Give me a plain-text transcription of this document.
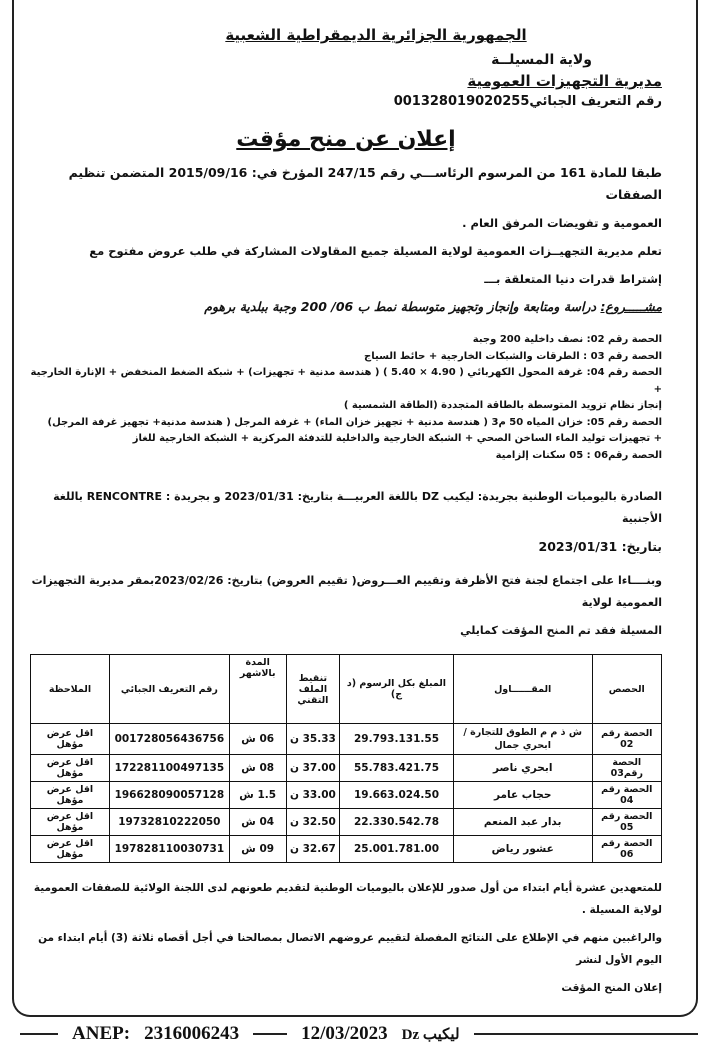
الجمهورية الجزائرية الديمقراطية الشعبية
ولاية المسيلــة
مديرية التجهيزات العمومية
رقم التعريف الجبائي001328019020255
إعلان عن منح مؤقت
طبقا للمادة 161 من المرسوم الرئاســـي رقم 247/15 المؤرخ في: 2015/09/16 المتضمن تنظيم الصفقات
العمومية و تفويضات المرفق العام .
تعلم مديرية التجهيــزات العمومية لولاية المسيلة جميع المقاولات المشاركة في طلب عروض مفتوح مع
إشتراط قدرات دنيا المتعلقة بـــ
مشـــــروع: دراسة ومتابعة وإنجاز وتجهيز متوسطة نمط ب 06/ 200 وجبة ببلدية برهوم
الحصة رقم 02: نصف داخلية 200 وجبة
الحصة رقم 03 : الطرقات والشبكات الخارجية + حائط السياج
الحصة رقم 04: غرفة المحول الكهربائي ( 4.90 × 5.40 ) ( هندسة مدنية + تجهيزات) + شبكة الضغط المنخفض + الإنارة الخارجية +
إنجاز نظام تزويد المتوسطة بالطاقة المتجددة (الطاقة الشمسية )
الحصة رقم 05: خزان المياه 50 م3 ( هندسة مدنية + تجهيز خزان الماء) + غرفة المرجل ( هندسة مدنية+ تجهيز غرفة المرجل)
+ تجهيزات توليد الماء الساخن الصحي + الشبكة الخارجية والداخلية للتدفئة المركزية + الشبكة الخارجية للغاز
الحصة رقم06 : 05 سكنات إلزامية
الصادرة باليوميات الوطنية بجريدة: ليكيب DZ باللغة العربيـــة بتاريخ: 2023/01/31 و بجريدة : RENCONTRE باللغة الأجنبية
بتاريخ: 2023/01/31
وبنــــاءا على اجتماع لجنة فتح الأظرفة وتقييم العـــروض( تقييم العروض) بتاريخ: 2023/02/26بمقر مديرية التجهيزات العمومية لولاية
المسيلة فقد تم المنح المؤقت كمايلي
الحصص	المقــــــاول	المبلغ بكل الرسوم (د ج)	تنقيط الملف التقني	المدة بالاشهر	رقم التعريف الجبائي	الملاحظة
الحصة رقم 02	ش ذ م م الطوق للتجارة / ابحري جمال	29.793.131.55	35.33 ن	06 ش	001728056436756	اقل عرض مؤهل
الحصة رقم03	ابحري ناصر	55.783.421.75	37.00 ن	08 ش	172281100497135	اقل عرض مؤهل
الحصة رقم 04	حجاب عامر	19.663.024.50	33.00 ن	1.5 ش	196628090057128	اقل عرض مؤهل
الحصة رقم 05	بدار عبد المنعم	22.330.542.78	32.50 ن	04 ش	19732810222050	اقل عرض مؤهل
الحصة رقم 06	عشور رياض	25.001.781.00	32.67 ن	09 ش	197828110030731	اقل عرض مؤهل
للمتعهدين عشرة أيام ابتداء من أول صدور للإعلان باليوميات الوطنية لتقديم طعونهم لدى اللجنة الولائية للصفقات العمومية لولاية المسيلة .
والراغبين منهم في الإطلاع على النتائج المفصلة لتقييم عروضهم الاتصال بمصالحنا في أجل أقصاه ثلاثة (3) أيام ابتداء من اليوم الأول لنشر
إعلان المنح المؤقت
ANEP: 2316006243	12/03/2023 Dz ليكيب
